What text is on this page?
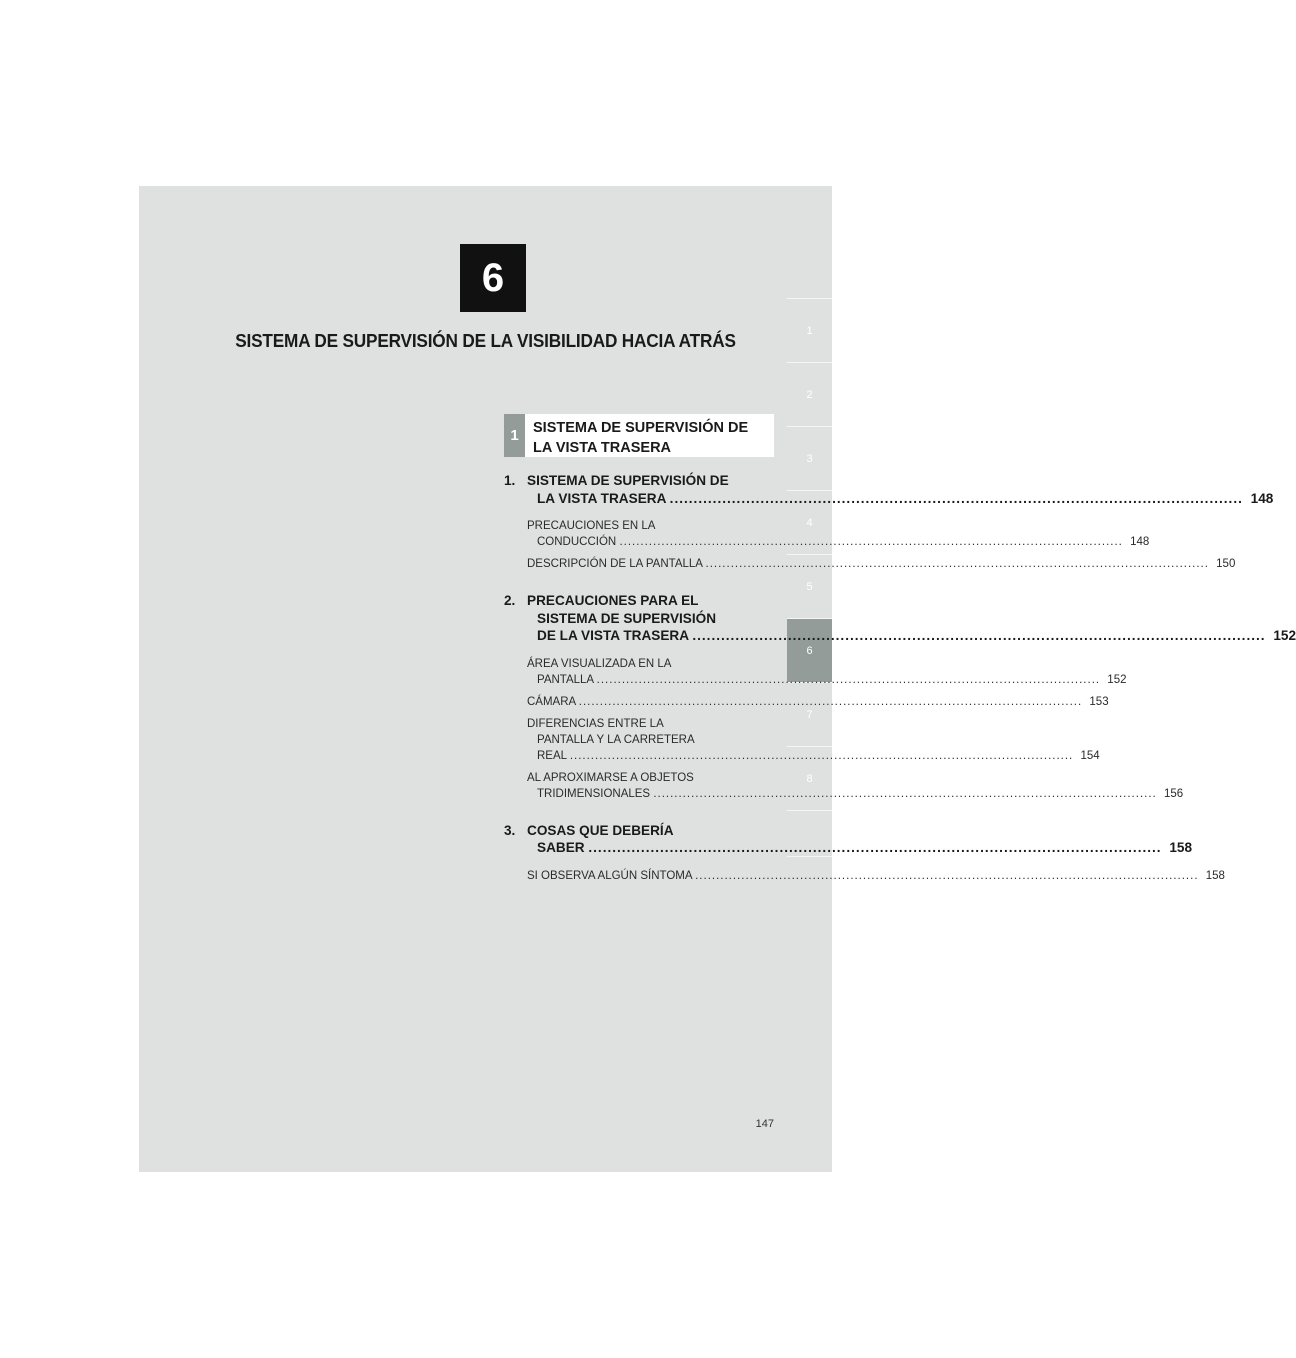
6
SISTEMA DE SUPERVISIÓN DE LA VISIBILIDAD HACIA ATRÁS	1
2
3
4
5
6
7
8
1 SISTEMA DE SUPERVISIÓN DE
LA VISTA TRASERA
1. SISTEMA DE SUPERVISIÓN DE
LA VISTA TRASERA .....	148
PRECAUCIONES EN LA
CONDUCCIÓN .....	148
DESCRIPCIÓN DE LA PANTALLA .....	150
2. PRECAUCIONES PARA EL
SISTEMA DE SUPERVISIÓN
DE LA VISTA TRASERA .....	152
ÁREA VISUALIZADA EN LA
PANTALLA .....	152
CÁMARA .....	153
DIFERENCIAS ENTRE LA
PANTALLA Y LA CARRETERA
REAL .....	154
AL APROXIMARSE A OBJETOS
TRIDIMENSIONALES .....	156
3. COSAS QUE DEBERÍA
SABER .....	158
SI OBSERVA ALGÚN SÍNTOMA .....	158
147
